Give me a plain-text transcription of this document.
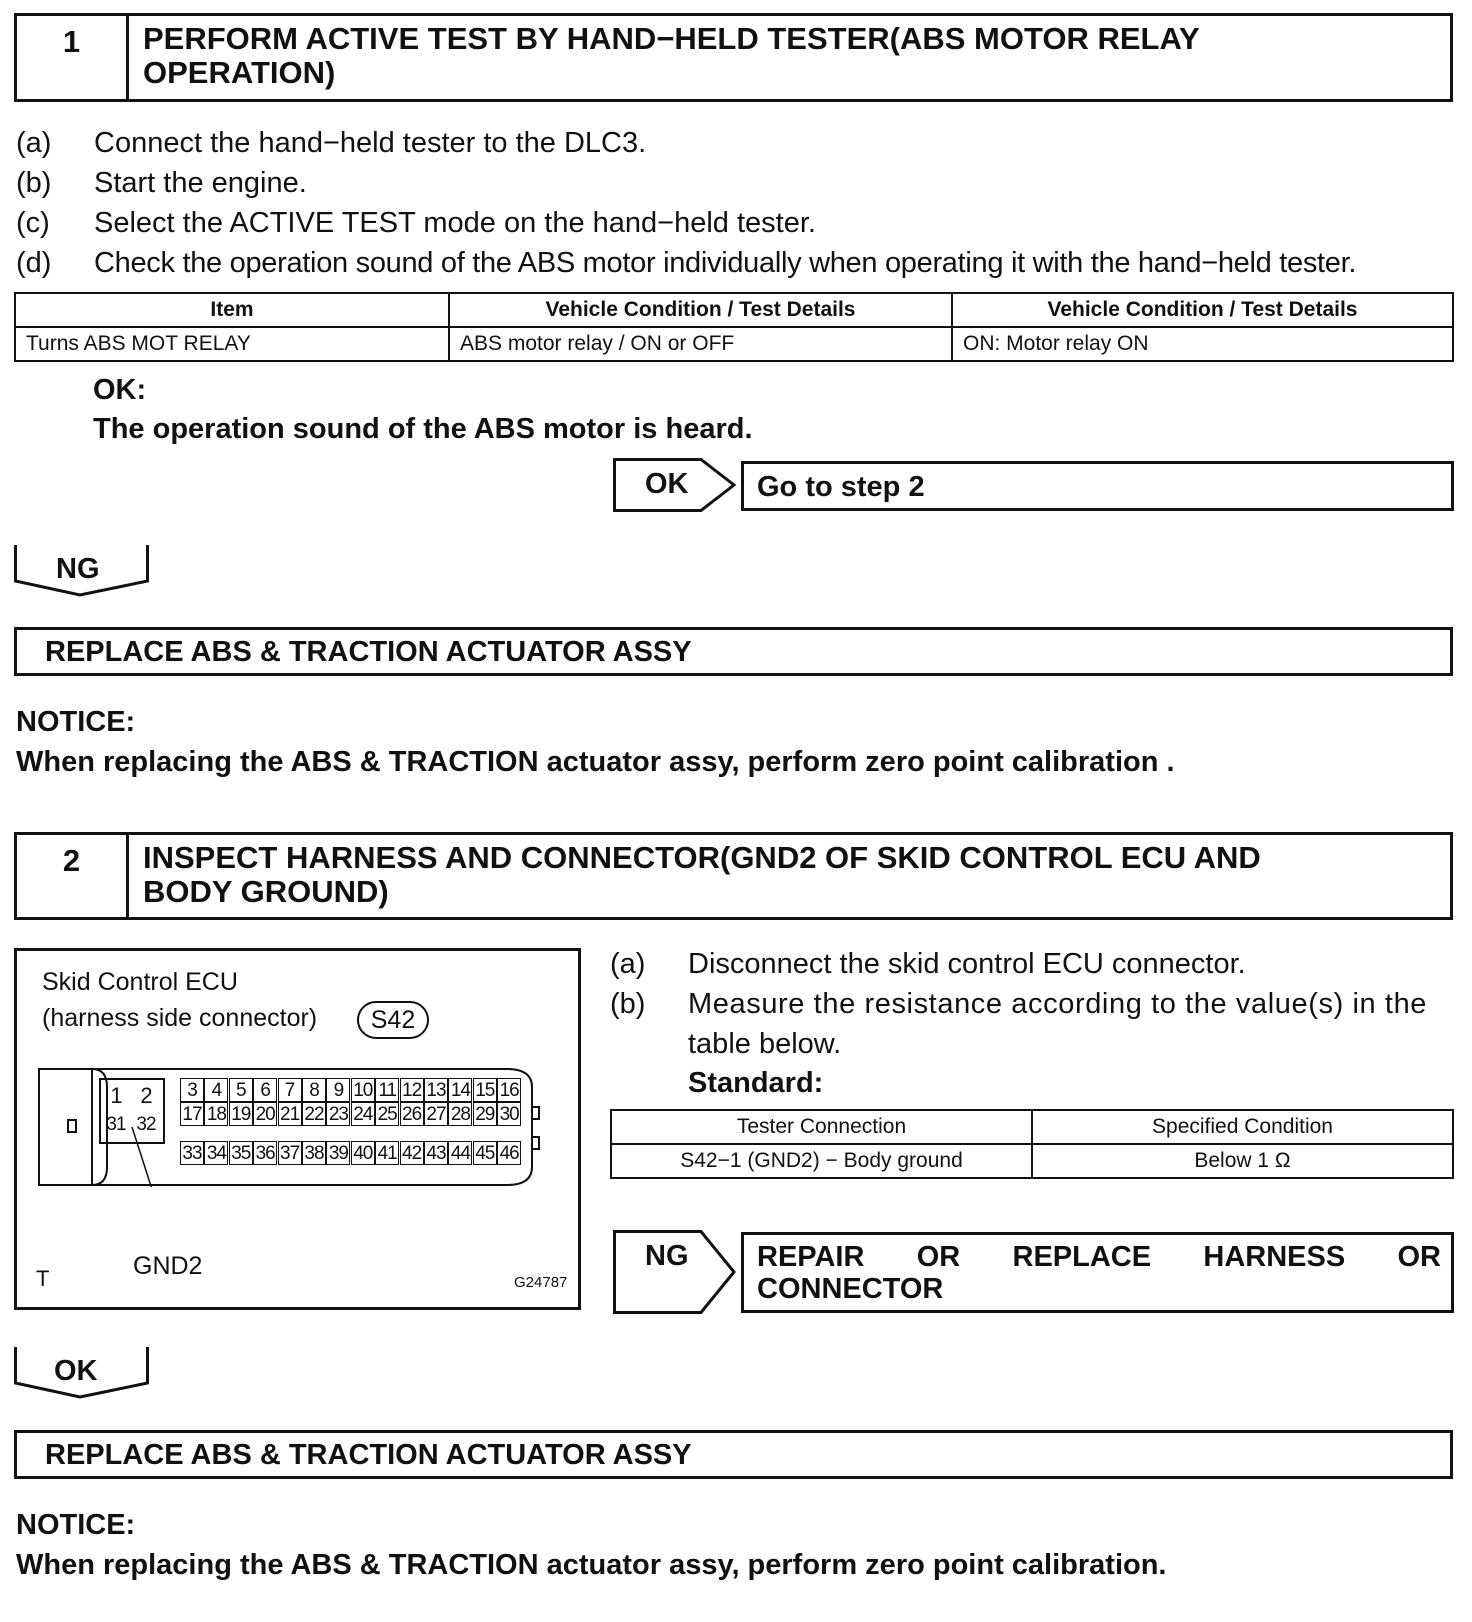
1	PERFORM ACTIVE TEST BY HAND−HELD TESTER(ABS MOTOR RELAY
OPERATION)
(a) Connect the hand−held tester to the DLC3.
(b) Start the engine.
(c) Select the ACTIVE TEST mode on the hand−held tester.
(d) Check the operation sound of the ABS motor individually when operating it with the hand−held tester.
Item	Vehicle Condition / Test Details	Vehicle Condition / Test Details
Turns ABS MOT RELAY	ABS motor relay / ON or OFF	ON: Motor relay ON
OK:
The operation sound of the ABS motor is heard.
OK Go to step 2
NG
REPLACE ABS & TRACTION ACTUATOR ASSY
NOTICE:
When replacing the ABS & TRACTION actuator assy, perform zero point calibration .
2	INSPECT HARNESS AND CONNECTOR(GND2 OF SKID CONTROL ECU AND
BODY GROUND)
Skid Control ECU
(harness side connector)	S42
1 2
31 32
3 4 5 6 7 8 9 10 11 12 13 14 15 16
17 18 19 20 21 22 23 24 25 26 27 28 29 30
33 34 35 36 37 38 39 40 41 42 43 44 45 46
GND2
T	G24787
(a) Disconnect the skid control ECU connector.
(b) Measure the resistance according to the value(s) in the
table below.
Standard:
Tester Connection	Specified Condition
S42−1 (GND2) − Body ground	Below 1 Ω
NG REPAIR OR REPLACE HARNESS OR
CONNECTOR
OK
REPLACE ABS & TRACTION ACTUATOR ASSY
NOTICE:
When replacing the ABS & TRACTION actuator assy, perform zero point calibration.
